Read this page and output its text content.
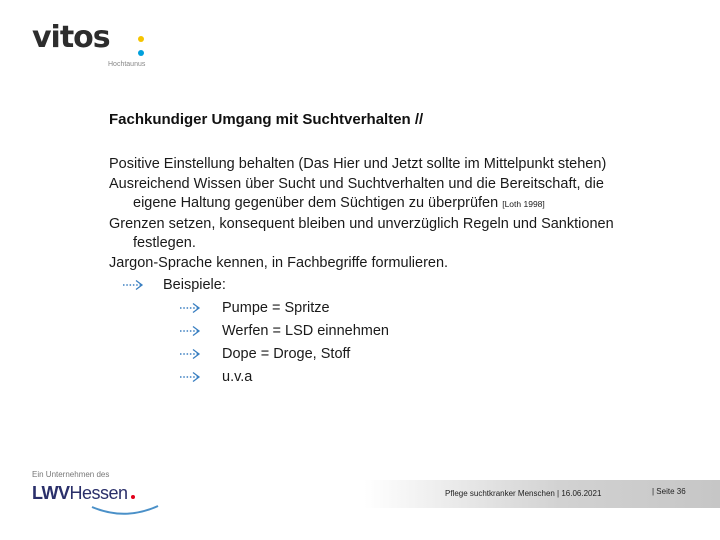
vitos
Hochtaunus
Fachkundiger Umgang mit Suchtverhalten //
Positive Einstellung behalten (Das Hier und Jetzt sollte im Mittelpunkt stehen)
Ausreichend Wissen über Sucht und Suchtverhalten und die Bereitschaft, die
eigene Haltung gegenüber dem Süchtigen zu überprüfen [Loth 1998]
Grenzen setzen, konsequent bleiben und unverzüglich Regeln und Sanktionen
festlegen.
Jargon-Sprache kennen, in Fachbegriffe formulieren.
Beispiele:
Pumpe = Spritze
Werfen = LSD einnehmen
Dope = Droge, Stoff
u.v.a
Ein Unternehmen des
LWVHessen	Pflege suchtkranker Menschen | 16.06.2021	| Seite 36
